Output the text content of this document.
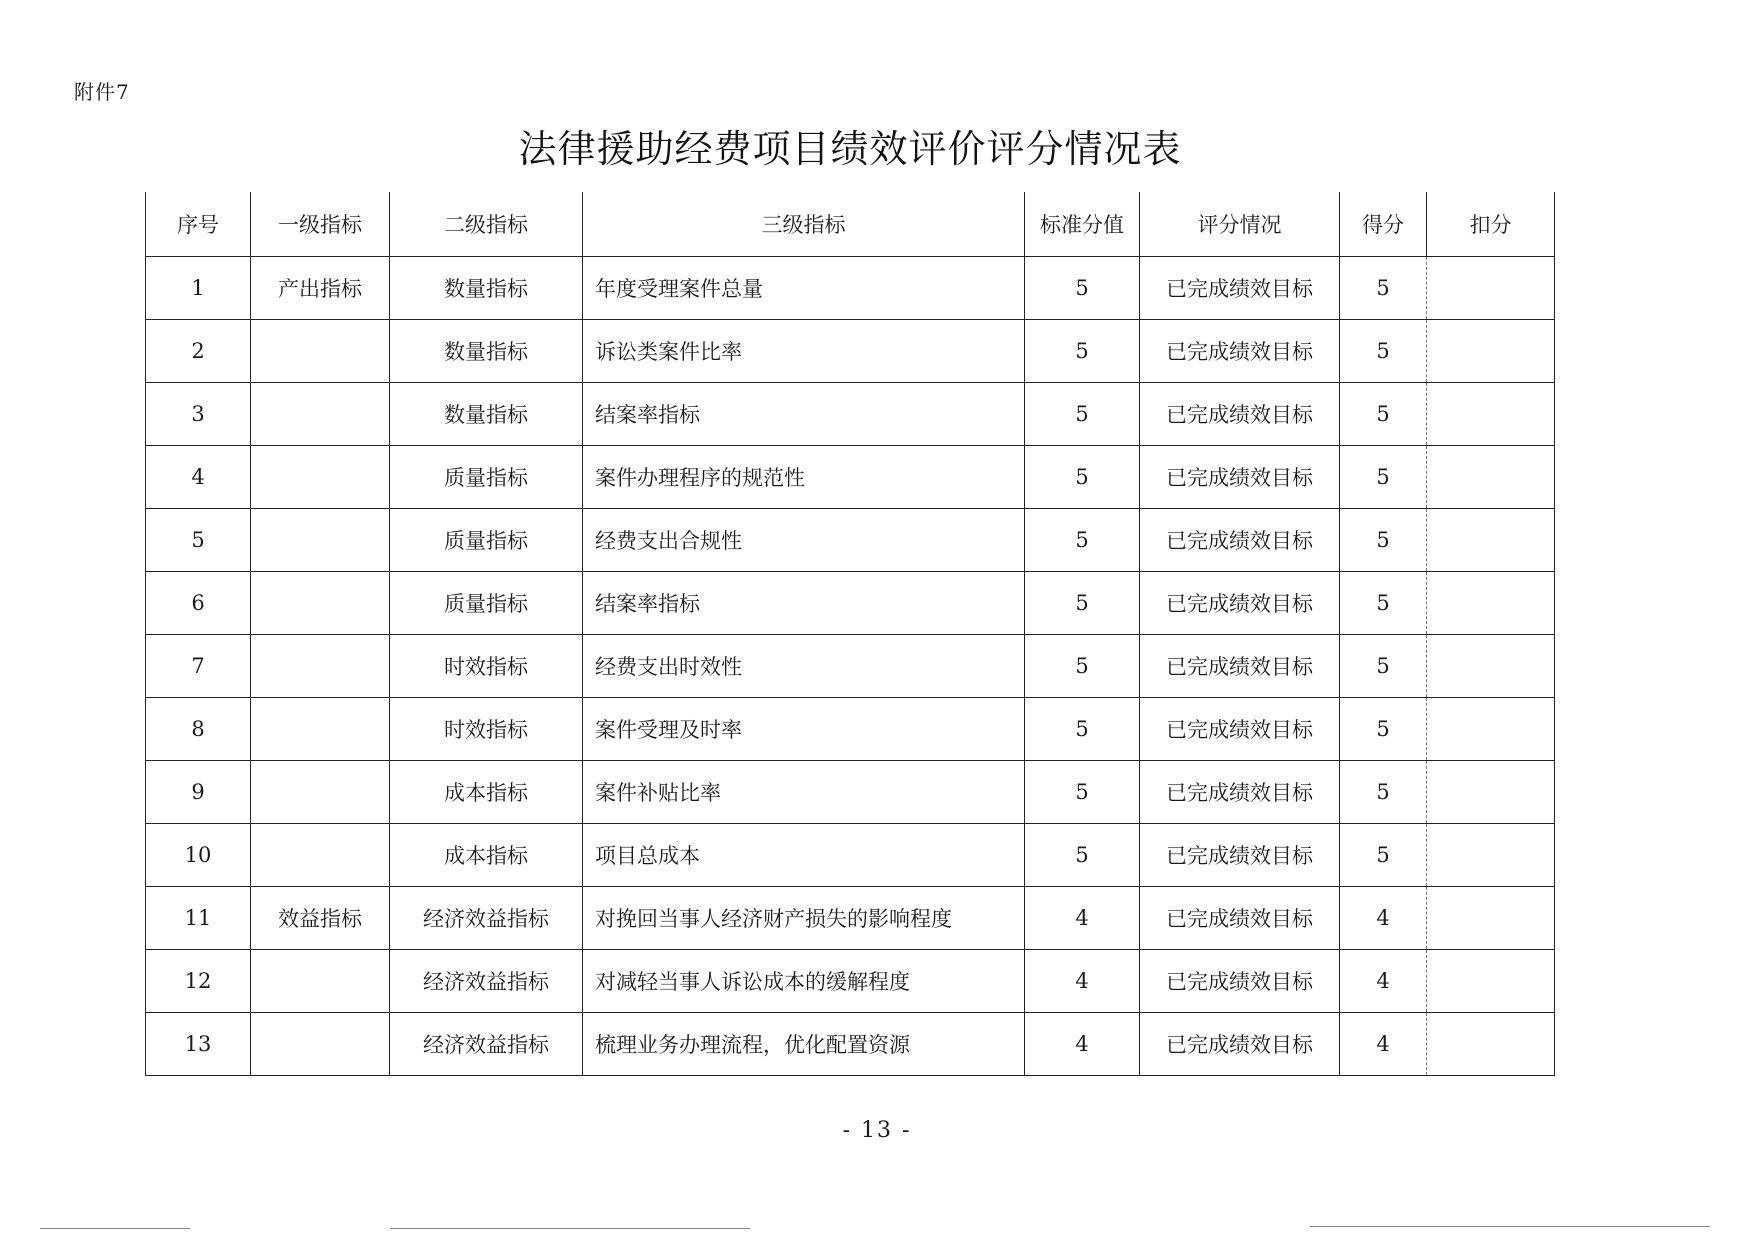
附件7
法律援助经费项目绩效评价评分情况表
序号	一级指标	二级指标	三级指标	标准分值	评分情况	得分	扣分
1	产出指标	数量指标	年度受理案件总量	5	已完成绩效目标	5	
2		数量指标	诉讼类案件比率	5	已完成绩效目标	5	
3		数量指标	结案率指标	5	已完成绩效目标	5	
4		质量指标	案件办理程序的规范性	5	已完成绩效目标	5	
5		质量指标	经费支出合规性	5	已完成绩效目标	5	
6		质量指标	结案率指标	5	已完成绩效目标	5	
7		时效指标	经费支出时效性	5	已完成绩效目标	5	
8		时效指标	案件受理及时率	5	已完成绩效目标	5	
9		成本指标	案件补贴比率	5	已完成绩效目标	5	
10		成本指标	项目总成本	5	已完成绩效目标	5	
11	效益指标	经济效益指标	对挽回当事人经济财产损失的影响程度	4	已完成绩效目标	4	
12		经济效益指标	对减轻当事人诉讼成本的缓解程度	4	已完成绩效目标	4	
13		经济效益指标	梳理业务办理流程，优化配置资源	4	已完成绩效目标	4	
- 13 -
